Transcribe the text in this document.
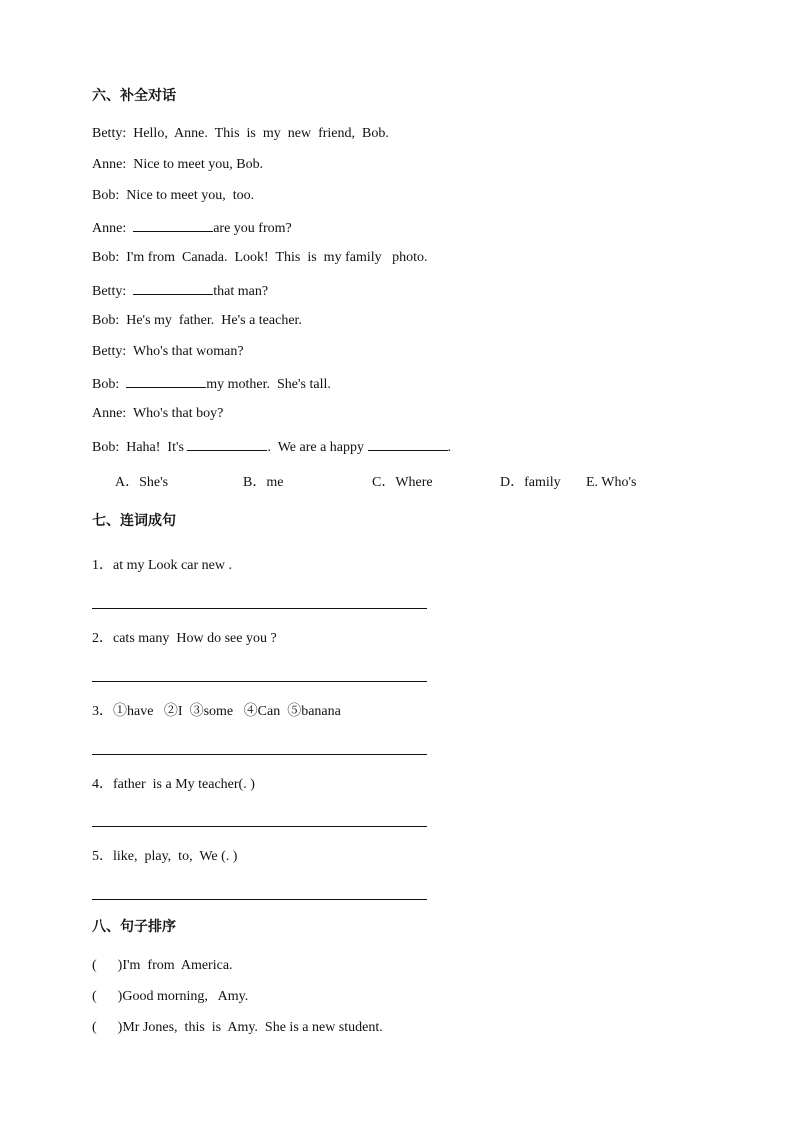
六、补全对话
Betty:  Hello,  Anne.  This  is  my  new  friend,  Bob.
Anne:  Nice to meet you, Bob.
Bob:  Nice to meet you,  too.
Anne:	are you from?
Bob:  I'm from  Canada.  Look!  This  is  my family   photo.
Betty:	that man?
Bob:  He's my  father.  He's a teacher.
Betty:  Who's that woman?
Bob:	my mother.  She's tall.
Anne:  Who's that boy?
Bob:  Haha!  It's	.  We are a happy	.
A．She's	B．me	C．Where	D．family E. Who's
七、连词成句
1．at my Look car new .
2．cats many  How do see you ?
3．①have   ②I  ③some   ④Can  ⑤banana
4．father  is a My teacher(. )
5．like,  play,  to,  We (. )
八、句子排序
(      )I'm  from  America.
(      )Good morning,   Amy.
(      )Mr Jones,  this  is  Amy.  She is a new student.
